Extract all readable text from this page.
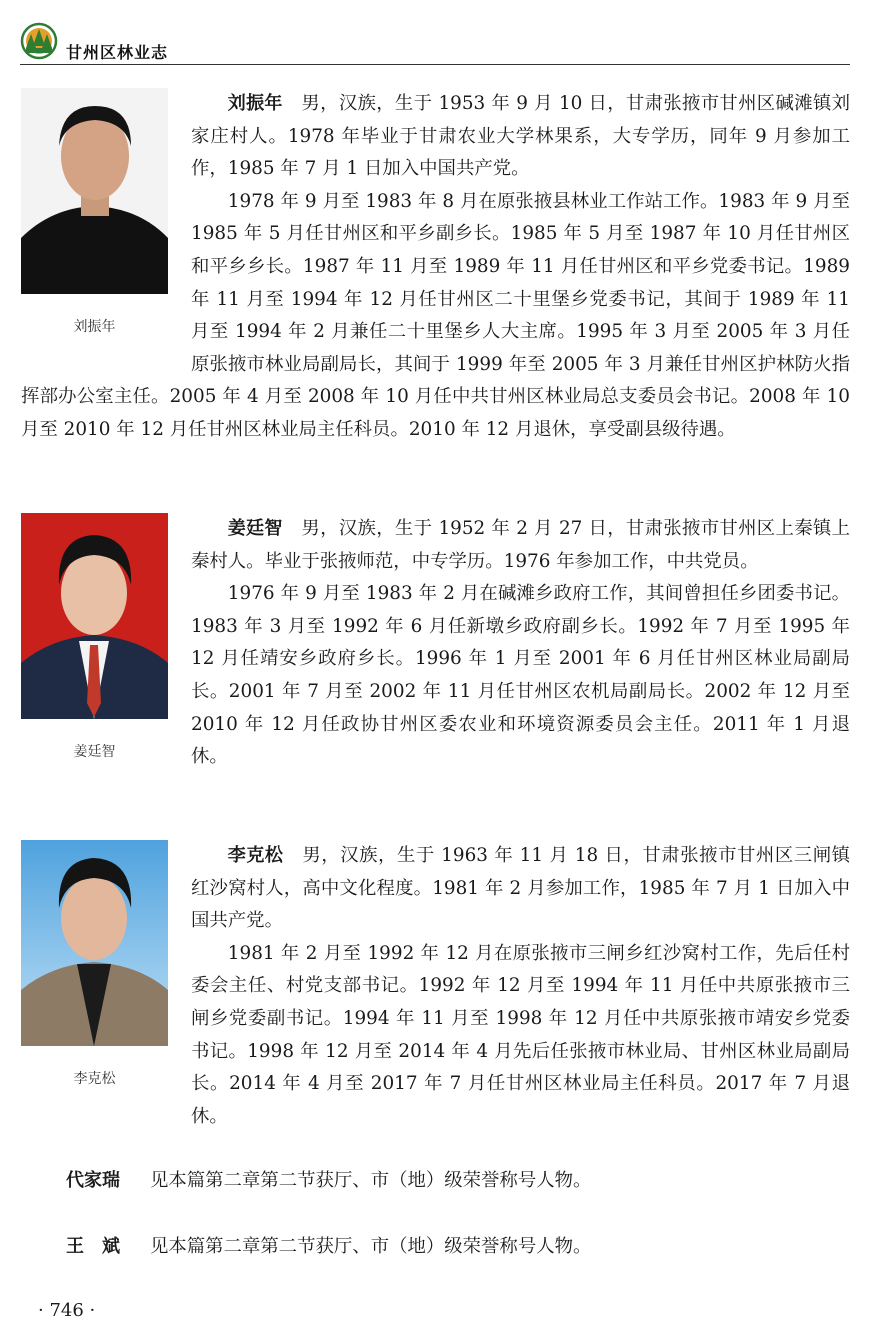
甘州区林业志
刘振年

刘振年　 男，汉族，生于 1953 年 9 月 10 日，甘肃张掖市甘州区碱滩镇刘家庄村人。1978 年毕业于甘肃农业大学林果系，大专学历，同年 9 月参加工作，1985 年 7 月 1 日加入中国共产党。

1978 年 9 月至 1983 年 8 月在原张掖县林业工作站工作。1983 年 9 月至 1985 年 5 月任甘州区和平乡副乡长。1985 年 5 月至 1987 年 10 月任甘州区和平乡乡长。1987 年 11 月至 1989 年 11 月任甘州区和平乡党委书记。1989 年 11 月至 1994 年 12 月任甘州区二十里堡乡党委书记，其间于 1989 年 11 月至 1994 年 2 月兼任二十里堡乡人大主席。1995 年 3 月至 2005 年 3 月任原张掖市林业局副局长，其间于 1999 年至 2005 年 3 月兼任甘州区护林防火指挥部办公室主任。2005 年 4 月至 2008 年 10 月任中共甘州区林业局总支委员会书记。2008 年 10 月至 2010 年 12 月任甘州区林业局主任科员。2010 年 12 月退休，享受副县级待遇。

姜廷智

姜廷智　 男，汉族，生于 1952 年 2 月 27 日，甘肃张掖市甘州区上秦镇上秦村人。毕业于张掖师范，中专学历。1976 年参加工作，中共党员。

1976 年 9 月至 1983 年 2 月在碱滩乡政府工作，其间曾担任乡团委书记。1983 年 3 月至 1992 年 6 月任新墩乡政府副乡长。1992 年 7 月至 1995 年 12 月任靖安乡政府乡长。1996 年 1 月至 2001 年 6 月任甘州区林业局副局长。2001 年 7 月至 2002 年 11 月任甘州区农机局副局长。2002 年 12 月至 2010 年 12 月任政协甘州区委农业和环境资源委员会主任。2011 年 1 月退休。

李克松

李克松　 男，汉族，生于 1963 年 11 月 18 日，甘肃张掖市甘州区三闸镇红沙窝村人，高中文化程度。1981 年 2 月参加工作，1985 年 7 月 1 日加入中国共产党。

1981 年 2 月至 1992 年 12 月在原张掖市三闸乡红沙窝村工作，先后任村委会主任、村党支部书记。1992 年 12 月至 1994 年 11 月任中共原张掖市三闸乡党委副书记。1994 年 11 月至 1998 年 12 月任中共原张掖市靖安乡党委书记。1998 年 12 月至 2014 年 4 月先后任张掖市林业局、甘州区林业局副局长。2014 年 4 月至 2017 年 7 月任甘州区林业局主任科员。2017 年 7 月退休。

代家瑞 见本篇第二章第二节获厅、市（地）级荣誉称号人物。
王　斌 见本篇第二章第二节获厅、市（地）级荣誉称号人物。
· 746 ·
